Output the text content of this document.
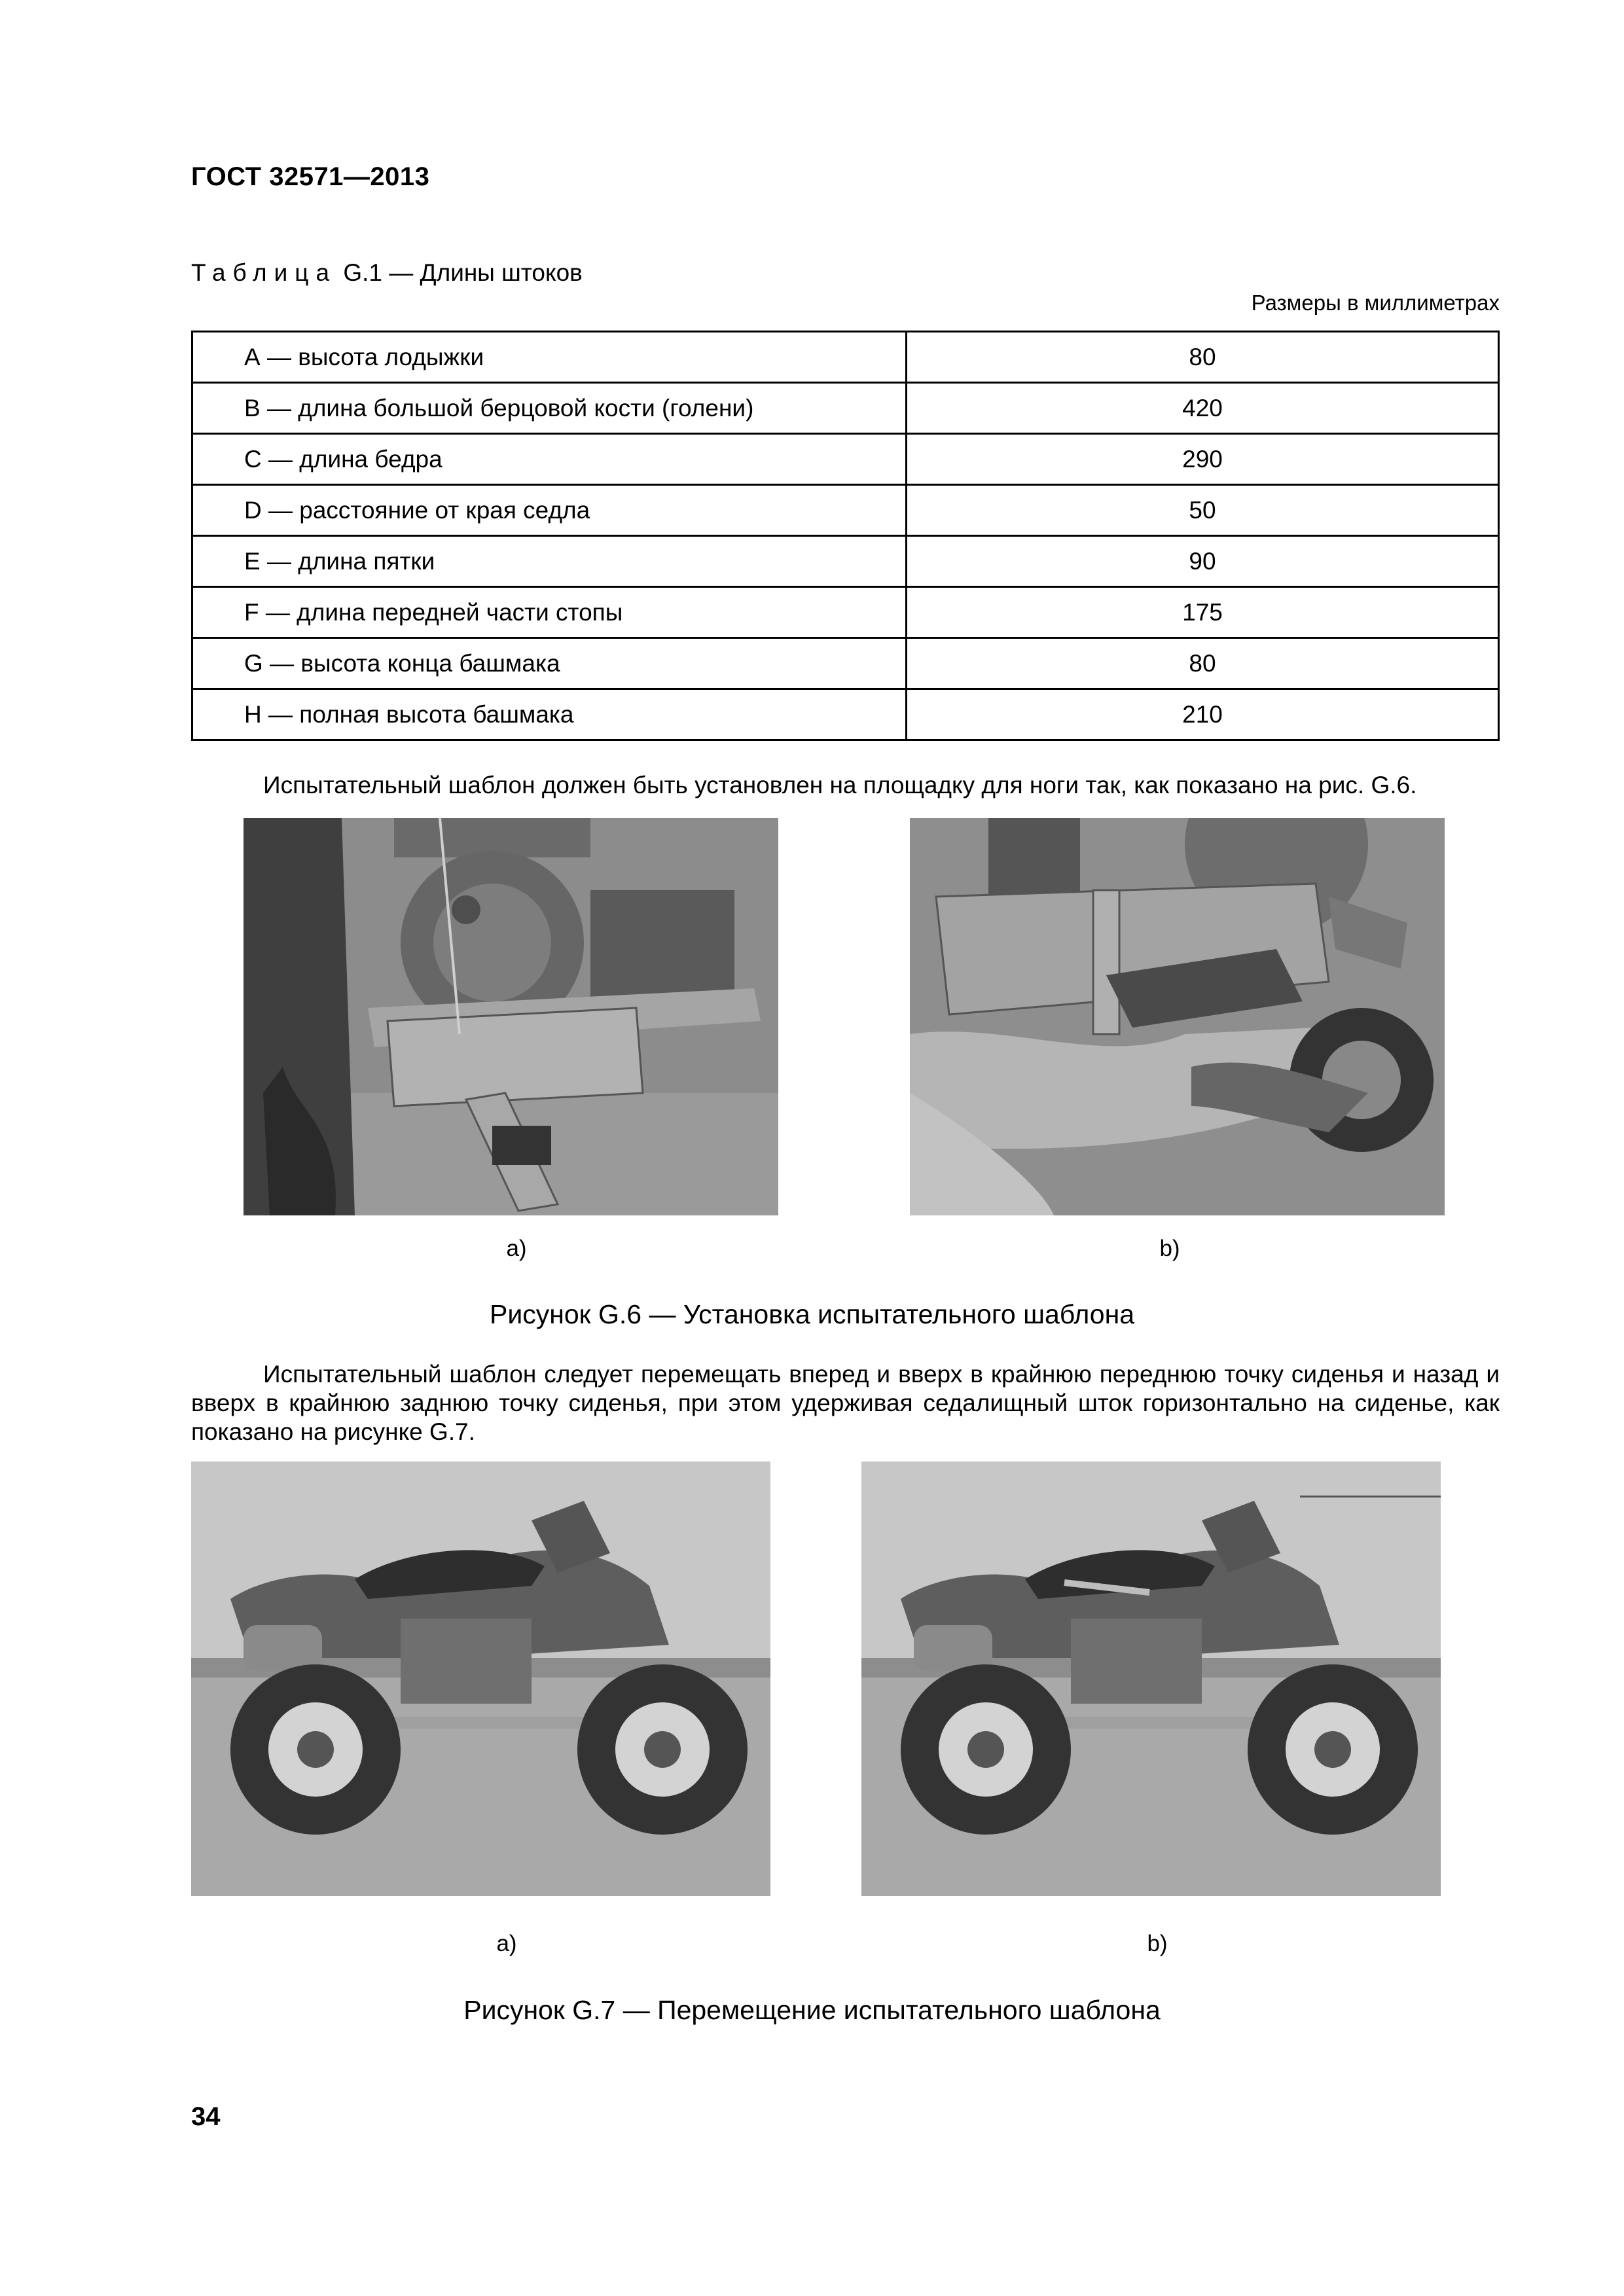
ГОСТ 32571—2013
Таблица G.1 — Длины штоков
Размеры в миллиметрах
А — высота лодыжки	80
В — длина большой берцовой кости (голени)	420
С — длина бедра	290
D — расстояние от края седла	50
Е — длина пятки	90
F — длина передней части стопы	175
G — высота конца башмака	80
Н — полная высота башмака	210
Испытательный шаблон должен быть установлен на площадку для ноги так, как показано на рис. G.6.
a)	b)
Рисунок G.6 — Установка испытательного шаблона
Испытательный шаблон следует перемещать вперед и вверх в крайнюю переднюю точку сиденья и назад и вверх в крайнюю заднюю точку сиденья, при этом удерживая седалищный шток горизонтально на сиденье, как показано на рисунке G.7.
a)	b)
Рисунок G.7 — Перемещение испытательного шаблона
34
